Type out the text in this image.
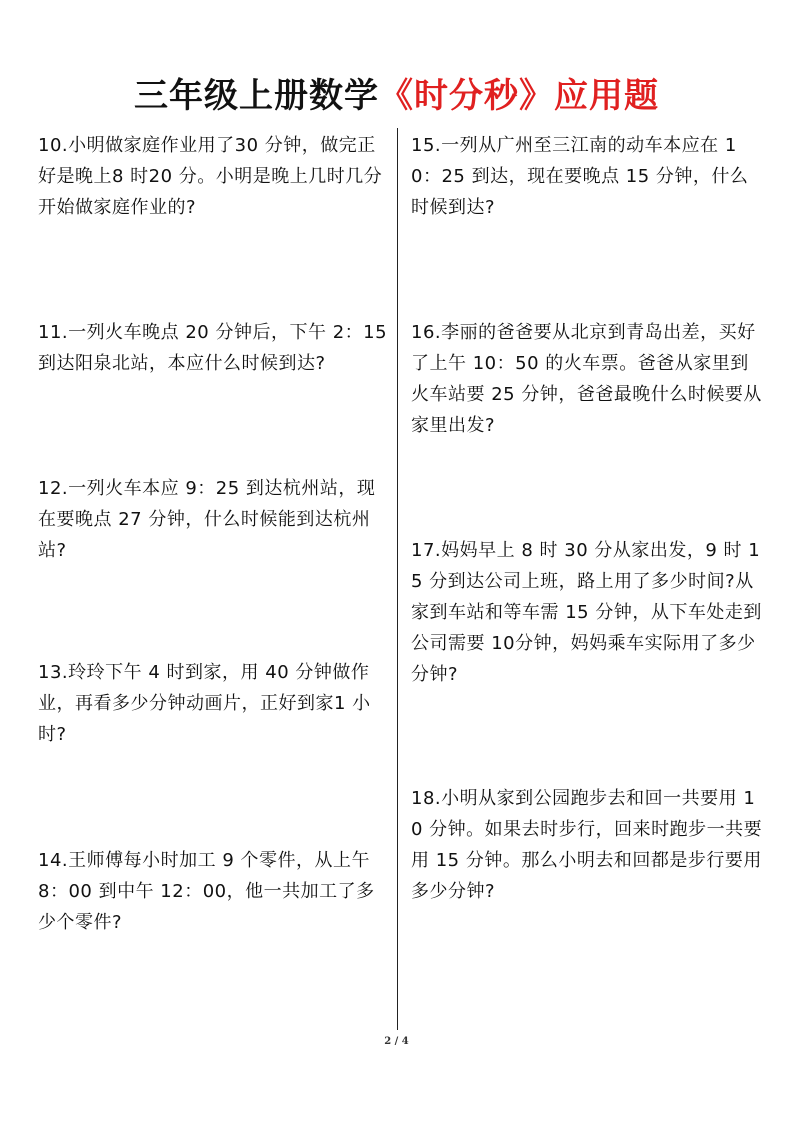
三年级上册数学《时分秒》应用题
10.小明做家庭作业用了30 分钟，做完正好是晚上8 时20 分。小明是晚上几时几分开始做家庭作业的?
11.一列火车晚点 20 分钟后，下午 2：15 到达阳泉北站，本应什么时候到达?
12.一列火车本应 9：25 到达杭州站，现在要晚点 27 分钟，什么时候能到达杭州站?
13.玲玲下午 4 时到家，用 40 分钟做作业，再看多少分钟动画片，正好到家1 小时?
14.王师傅每小时加工 9 个零件，从上午 8：00 到中午 12：00，他一共加工了多少个零件?
15.一列从广州至三江南的动车本应在 10：25 到达，现在要晚点 15 分钟，什么时候到达?
16.李丽的爸爸要从北京到青岛出差，买好了上午 10：50 的火车票。爸爸从家里到火车站要 25 分钟，爸爸最晚什么时候要从家里出发?
17.妈妈早上 8 时 30 分从家出发，9 时 15 分到达公司上班，路上用了多少时间?从家到车站和等车需 15 分钟，从下车处走到公司需要 10分钟，妈妈乘车实际用了多少分钟?
18.小明从家到公园跑步去和回一共要用 10 分钟。如果去时步行，回来时跑步一共要用 15 分钟。那么小明去和回都是步行要用多少分钟?
2 / 4
